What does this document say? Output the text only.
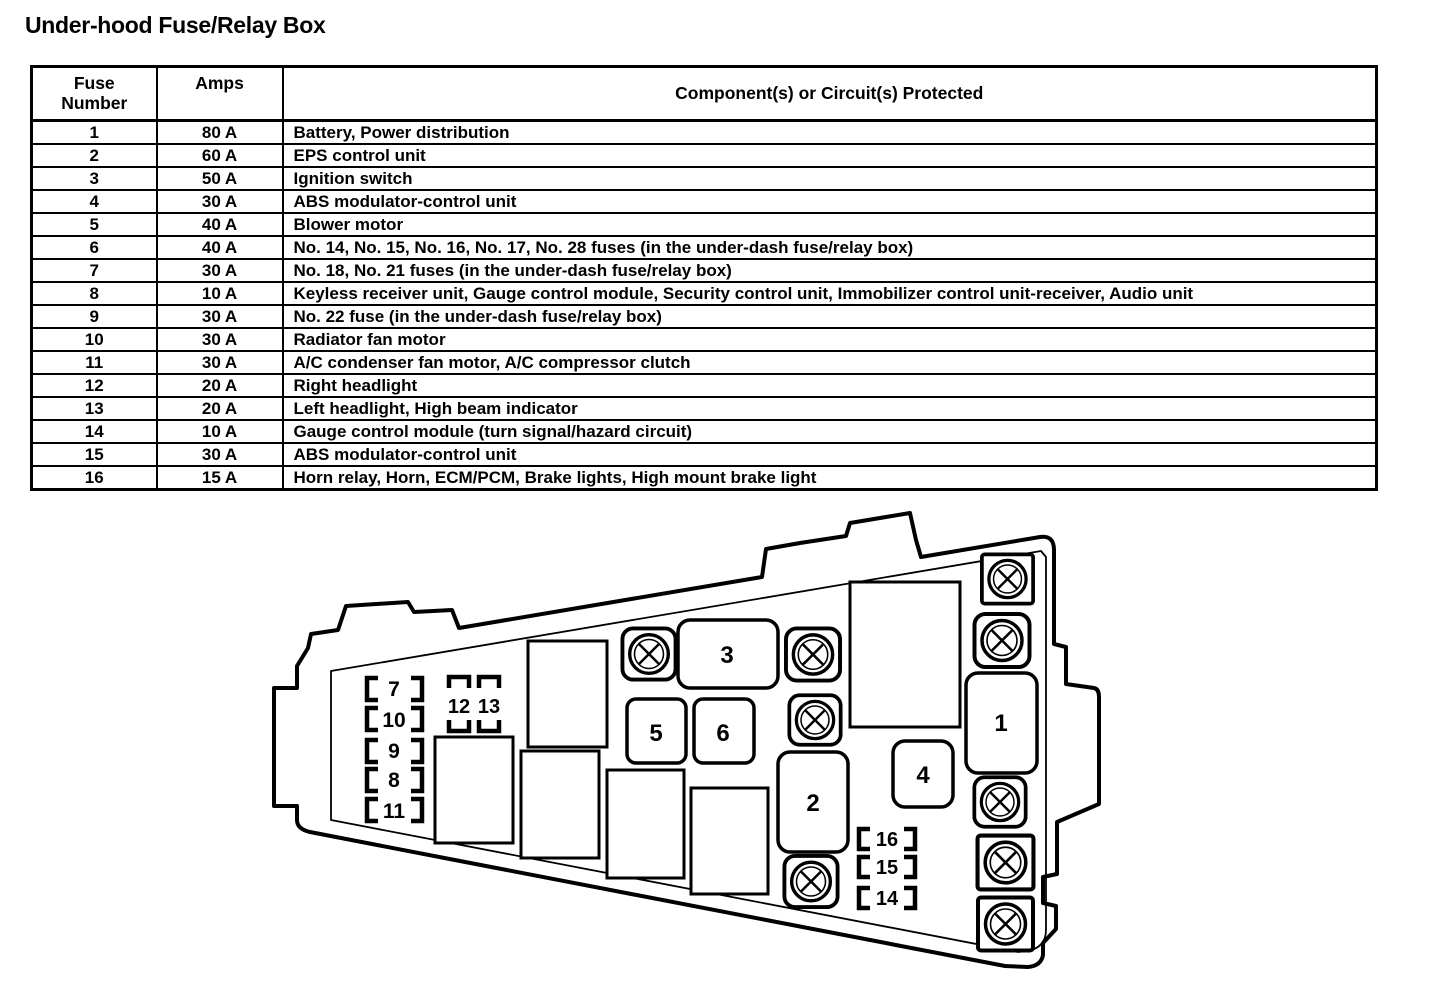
Under-hood Fuse/Relay Box
Fuse Number	Amps	Component(s) or Circuit(s) Protected
1	80 A	Battery, Power distribution
2	60 A	EPS control unit
3	50 A	Ignition switch
4	30 A	ABS modulator-control unit
5	40 A	Blower motor
6	40 A	No. 14, No. 15, No. 16, No. 17, No. 28 fuses (in the under-dash fuse/relay box)
7	30 A	No. 18, No. 21 fuses (in the under-dash fuse/relay box)
8	10 A	Keyless receiver unit, Gauge control module, Security control unit, Immobilizer control unit-receiver, Audio unit
9	30 A	No. 22 fuse (in the under-dash fuse/relay box)
10	30 A	Radiator fan motor
11	30 A	A/C condenser fan motor, A/C compressor clutch
12	20 A	Right headlight
13	20 A	Left headlight, High beam indicator
14	10 A	Gauge control module (turn signal/hazard circuit)
15	30 A	ABS modulator-control unit
16	15 A	Horn relay, Horn, ECM/PCM, Brake lights, High mount brake light
3
5 6
2
4
1
7
10
9
8
11
12 13
16
15
14
